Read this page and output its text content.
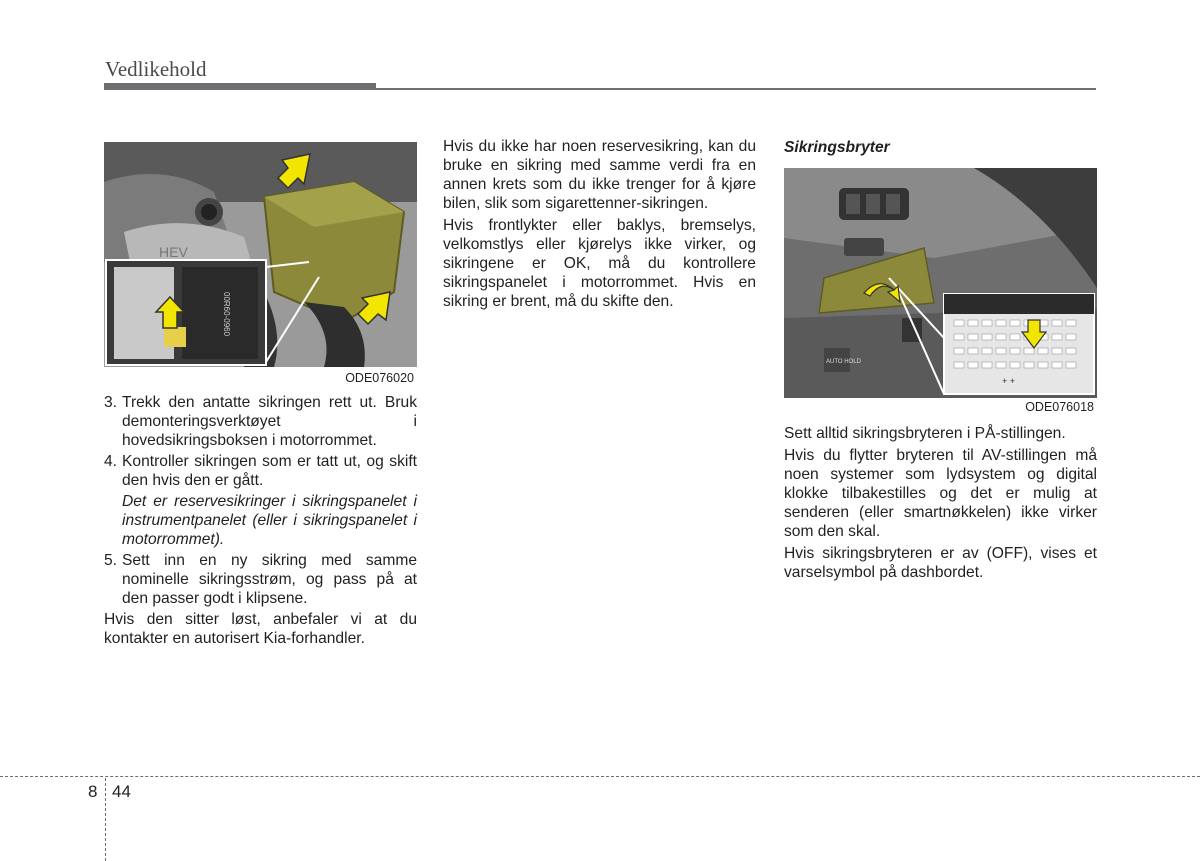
Vedlikehold
HEV
00R60-0960
ODE076020
3. Trekk den antatte sikringen rett ut. Bruk demonteringsverktøyet i hovedsikringsboksen i motorrommet.
4. Kontroller sikringen som er tatt ut, og skift den hvis den er gått.
Det er reservesikringer i sikringspanelet i instrumentpanelet (eller i sikringspanelet i motorrommet).
5. Sett inn en ny sikring med samme nominelle sikringsstrøm, og pass på at den passer godt i klipsene.

Hvis den sitter løst, anbefaler vi at du kontakter en autorisert Kia-forhandler.

Hvis du ikke har noen reservesikring, kan du bruke en sikring med samme verdi fra en annen krets som du ikke trenger for å kjøre bilen, slik som sigarettenner-sikringen.

Hvis frontlykter eller baklys, bremselys, velkomstlys eller kjørelys ikke virker, og sikringene er OK, må du kontrollere sikringspanelet i motorrommet. Hvis en sikring er brent, må du skifte den.

Sikringsbryter
AUTO HOLD
+ +
ODE076018

Sett alltid sikringsbryteren i PÅ-stillingen.

Hvis du flytter bryteren til AV-stillingen må noen systemer som lydsystem og digital klokke tilbakestilles og det er mulig at senderen (eller smartnøkkelen) ikke virker som den skal.

Hvis sikringsbryteren er av (OFF), vises et varselsymbol på dashbordet.

8 44
